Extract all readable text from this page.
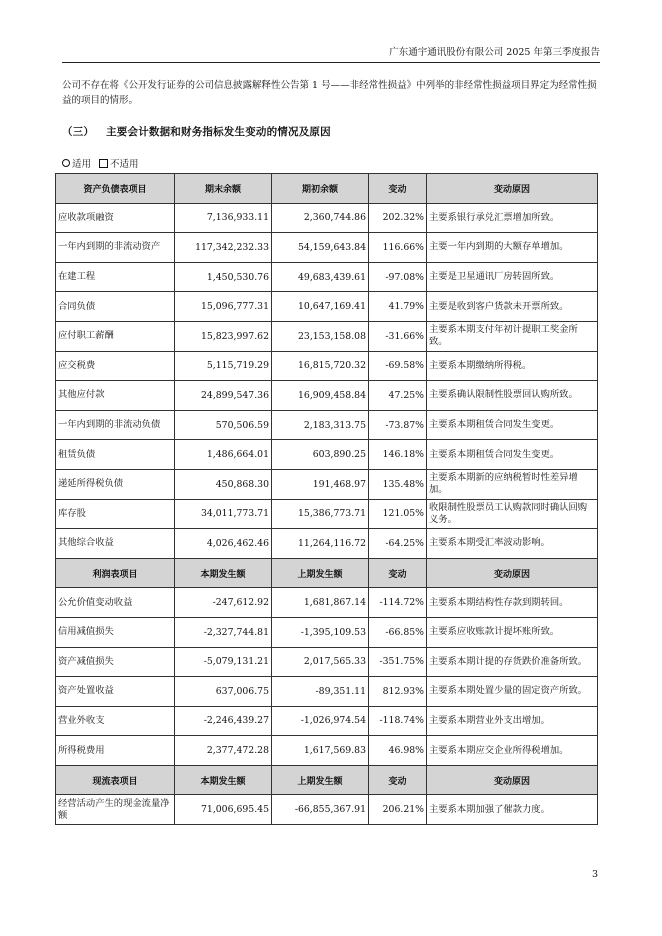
广东通宇通讯股份有限公司 2025 年第三季度报告
公司不存在将《公开发行证券的公司信息披露解释性公告第 1 号——非经常性损益》中列举的非经常性损益项目界定为经常性损益的项目的情形。
（三） 主要会计数据和财务指标发生变动的情况及原因
适用 不适用
资产负债表项目	期末余额	期初余额	变动	变动原因
应收款项融资	7,136,933.11	2,360,744.86	202.32%	主要系银行承兑汇票增加所致。
一年内到期的非流动资产	117,342,232.33	54,159,643.84	116.66%	主要一年内到期的大额存单增加。
在建工程	1,450,530.76	49,683,439.61	-97.08%	主要是卫星通讯厂房转固所致。
合同负债	15,096,777.31	10,647,169.41	41.79%	主要是收到客户货款未开票所致。
应付职工薪酬	15,823,997.62	23,153,158.08	-31.66%	主要系本期支付年初计提职工奖金所致。
应交税费	5,115,719.29	16,815,720.32	-69.58%	主要系本期缴纳所得税。
其他应付款	24,899,547.36	16,909,458.84	47.25%	主要系确认限制性股票回认购所致。
一年内到期的非流动负债	570,506.59	2,183,313.75	-73.87%	主要系本期租赁合同发生变更。
租赁负债	1,486,664.01	603,890.25	146.18%	主要系本期租赁合同发生变更。
递延所得税负债	450,868.30	191,468.97	135.48%	主要系本期新的应纳税暂时性差异增加。
库存股	34,011,773.71	15,386,773.71	121.05%	收限制性股票员工认购款同时确认回购义务。
其他综合收益	4,026,462.46	11,264,116.72	-64.25%	主要系本期受汇率波动影响。
利润表项目	本期发生额	上期发生额	变动	变动原因
公允价值变动收益	-247,612.92	1,681,867.14	-114.72%	主要系本期结构性存款到期转回。
信用减值损失	-2,327,744.81	-1,395,109.53	-66.85%	主要系应收账款计提坏账所致。
资产减值损失	-5,079,131.21	2,017,565.33	-351.75%	主要系本期计提的存货跌价准备所致。
资产处置收益	637,006.75	-89,351.11	812.93%	主要系本期处置少量的固定资产所致。
营业外收支	-2,246,439.27	-1,026,974.54	-118.74%	主要系本期营业外支出增加。
所得税费用	2,377,472.28	1,617,569.83	46.98%	主要系本期应交企业所得税增加。
现流表项目	本期发生额	上期发生额	变动	变动原因
经营活动产生的现金流量净额	71,006,695.45	-66,855,367.91	206.21%	主要系本期加强了催款力度。
3
